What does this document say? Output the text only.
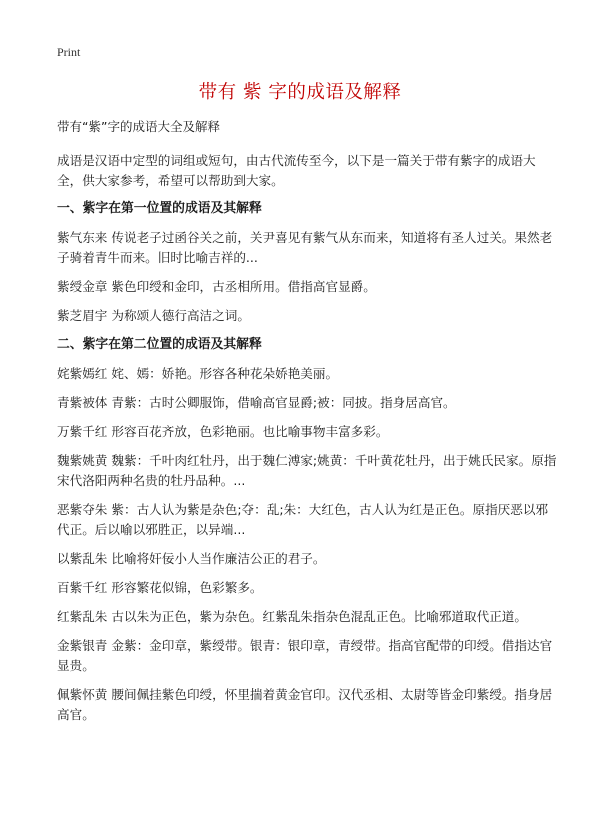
Print
带有 紫 字的成语及解释
带有“紫”字的成语大全及解释

成语是汉语中定型的词组或短句，由古代流传至今，以下是一篇关于带有紫字的成语大全，供大家参考，希望可以帮助到大家。

一、紫字在第一位置的成语及其解释

紫气东来 传说老子过函谷关之前，关尹喜见有紫气从东而来，知道将有圣人过关。果然老子骑着青牛而来。旧时比喻吉祥的...

紫绶金章 紫色印绶和金印，古丞相所用。借指高官显爵。

紫芝眉宇 为称颂人德行高洁之词。

二、紫字在第二位置的成语及其解释

姹紫嫣红 姹、嫣：娇艳。形容各种花朵娇艳美丽。

青紫被体 青紫：古时公卿服饰，借喻高官显爵;被：同披。指身居高官。

万紫千红 形容百花齐放，色彩艳丽。也比喻事物丰富多彩。

魏紫姚黄 魏紫：千叶肉红牡丹，出于魏仁溥家;姚黄：千叶黄花牡丹，出于姚氏民家。原指宋代洛阳两种名贵的牡丹品种。...

恶紫夺朱 紫：古人认为紫是杂色;夺：乱;朱：大红色，古人认为红是正色。原指厌恶以邪代正。后以喻以邪胜正，以异端...

以紫乱朱 比喻将奸佞小人当作廉洁公正的君子。

百紫千红 形容繁花似锦，色彩繁多。

红紫乱朱 古以朱为正色，紫为杂色。红紫乱朱指杂色混乱正色。比喻邪道取代正道。

金紫银青 金紫：金印章，紫绶带。银青：银印章，青绶带。指高官配带的印绶。借指达官显贵。

佩紫怀黄 腰间佩挂紫色印绶，怀里揣着黄金官印。汉代丞相、太尉等皆金印紫绶。指身居高官。
